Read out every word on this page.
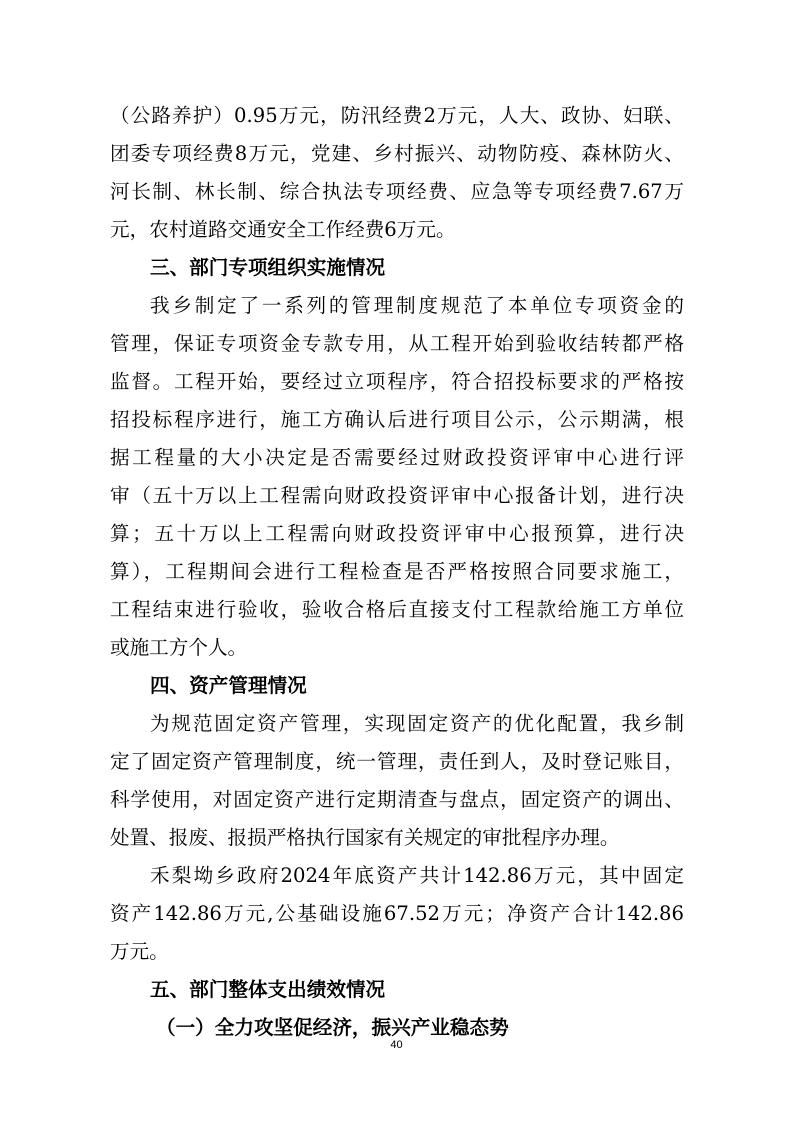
（公路养护）0.95万元，防汛经费2万元，人大、政协、妇联、
团委专项经费8万元，党建、乡村振兴、动物防疫、森林防火、
河长制、林长制、综合执法专项经费、应急等专项经费7.67万
元，农村道路交通安全工作经费6万元。
三、部门专项组织实施情况
我乡制定了一系列的管理制度规范了本单位专项资金的
管理，保证专项资金专款专用，从工程开始到验收结转都严格
监督。工程开始，要经过立项程序，符合招投标要求的严格按
招投标程序进行，施工方确认后进行项目公示，公示期满，根
据工程量的大小决定是否需要经过财政投资评审中心进行评
审（五十万以上工程需向财政投资评审中心报备计划，进行决
算；五十万以上工程需向财政投资评审中心报预算，进行决
算），工程期间会进行工程检查是否严格按照合同要求施工，
工程结束进行验收，验收合格后直接支付工程款给施工方单位
或施工方个人。
四、资产管理情况
为规范固定资产管理，实现固定资产的优化配置，我乡制
定了固定资产管理制度，统一管理，责任到人，及时登记账目，
科学使用，对固定资产进行定期清查与盘点，固定资产的调出、
处置、报废、报损严格执行国家有关规定的审批程序办理。
禾梨坳乡政府2024年底资产共计142.86万元，其中固定
资产142.86万元,公基础设施67.52万元；净资产合计142.86
万元。
五、部门整体支出绩效情况
（一）全力攻坚促经济，振兴产业稳态势
40
